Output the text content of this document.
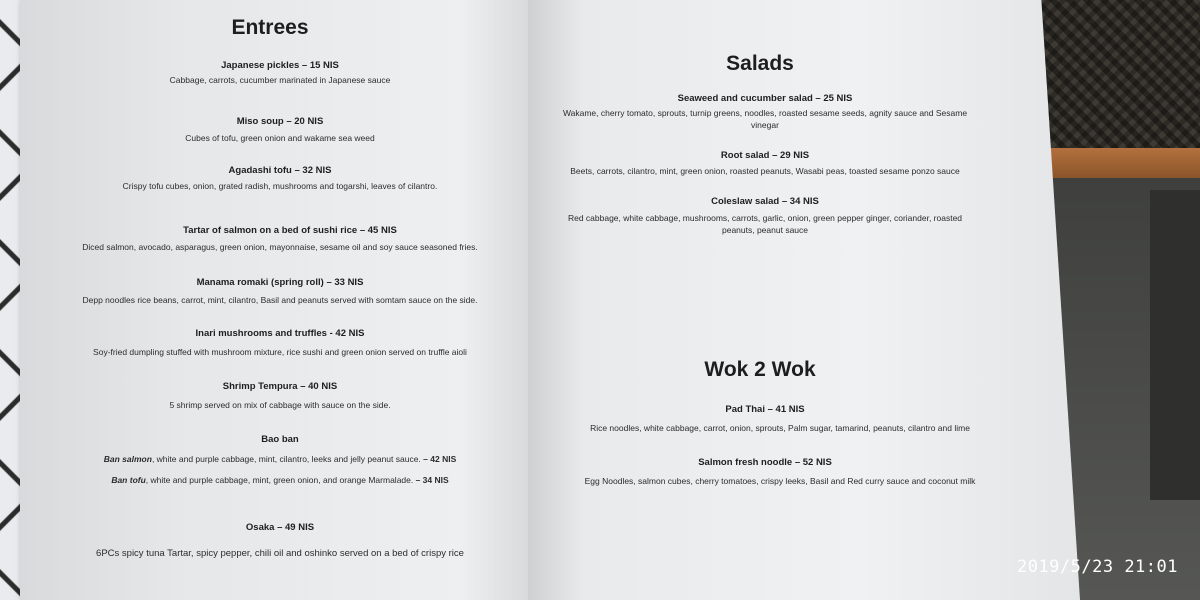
Entrees
Japanese pickles – 15 NIS
Cabbage, carrots, cucumber marinated in Japanese sauce
Miso soup – 20 NIS
Cubes of tofu, green onion and wakame sea weed
Agadashi tofu – 32 NIS
Crispy tofu cubes, onion, grated radish, mushrooms and togarshi, leaves of cilantro.
Tartar of salmon on a bed of sushi rice – 45 NIS
Diced salmon, avocado, asparagus, green onion, mayonnaise, sesame oil and soy sauce seasoned fries.
Manama romaki (spring roll) – 33 NIS
Depp noodles rice beans, carrot, mint, cilantro, Basil and peanuts served with somtam sauce on the side.
Inari mushrooms and truffles - 42 NIS
Soy-fried dumpling stuffed with mushroom mixture, rice sushi and green onion served on truffle aioli
Shrimp Tempura – 40 NIS
5 shrimp served on mix of cabbage with sauce on the side.
Bao ban
Ban salmon, white and purple cabbage, mint, cilantro, leeks and jelly peanut sauce. – 42 NIS
Ban tofu, white and purple cabbage, mint, green onion, and orange Marmalade. – 34 NIS
Osaka – 49 NIS
6PCs spicy tuna Tartar, spicy pepper, chili oil and oshinko served on a bed of crispy rice
Salads
Seaweed and cucumber salad – 25 NIS
Wakame, cherry tomato, sprouts, turnip greens, noodles, roasted sesame seeds, agnity sauce and Sesame
vinegar
Root salad – 29 NIS
Beets, carrots, cilantro, mint, green onion, roasted peanuts, Wasabi peas, toasted sesame ponzo sauce
Coleslaw salad – 34 NIS
Red cabbage, white cabbage, mushrooms, carrots, garlic, onion, green pepper ginger, coriander, roasted
peanuts, peanut sauce
Wok 2 Wok
Pad Thai – 41 NIS
Rice noodles, white cabbage, carrot, onion, sprouts, Palm sugar, tamarind, peanuts, cilantro and lime
Salmon fresh noodle – 52 NIS
Egg Noodles, salmon cubes, cherry tomatoes, crispy leeks, Basil and Red curry sauce and coconut milk
2019/5/23 21:01
